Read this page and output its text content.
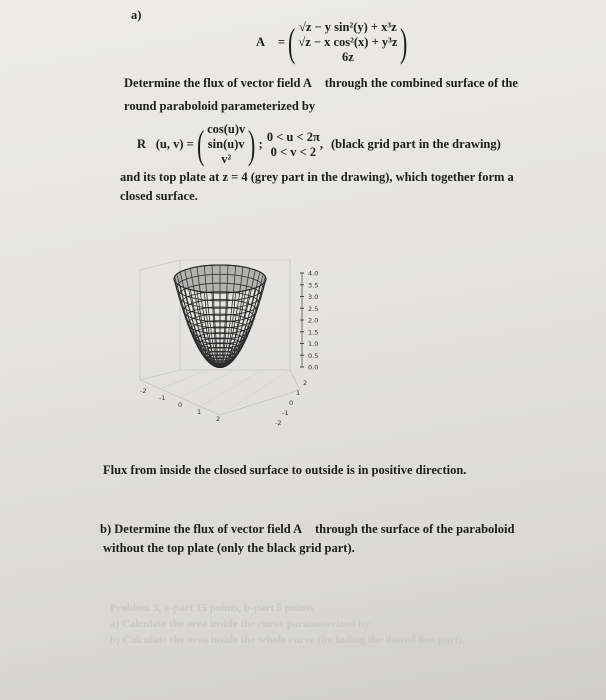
a)
A⃗ = ( √z − y sin²(y) + x³z
√z − x cos²(x) + y³z
6z )
Determine the flux of vector field A⃗ through the combined surface of the
round paraboloid parameterized by
R⃗(u, v) = ( cos(u)v
sin(u)v
v² ) ;
0 < u < 2π
0 < v < 2
, (black grid part in the drawing)
and its top plate at z = 4 (grey part in the drawing), which together form a
closed surface.
4.0
3.5
3.0
2.5
2.0
1.5
1.0
0.5
0.0
-2
-1
0
1
2
2
1
0
-1
-2
Flux from inside the closed surface to outside is in positive direction.
b) Determine the flux of vector field A⃗ through the surface of the paraboloid
without the top plate (only the black grid part).
Problem 3, a-part 15 points, b-part 5 points
a) Calculate the area inside the curve parameterized by
b) Calculate the area inside the whole curve (including the dotted line part).
